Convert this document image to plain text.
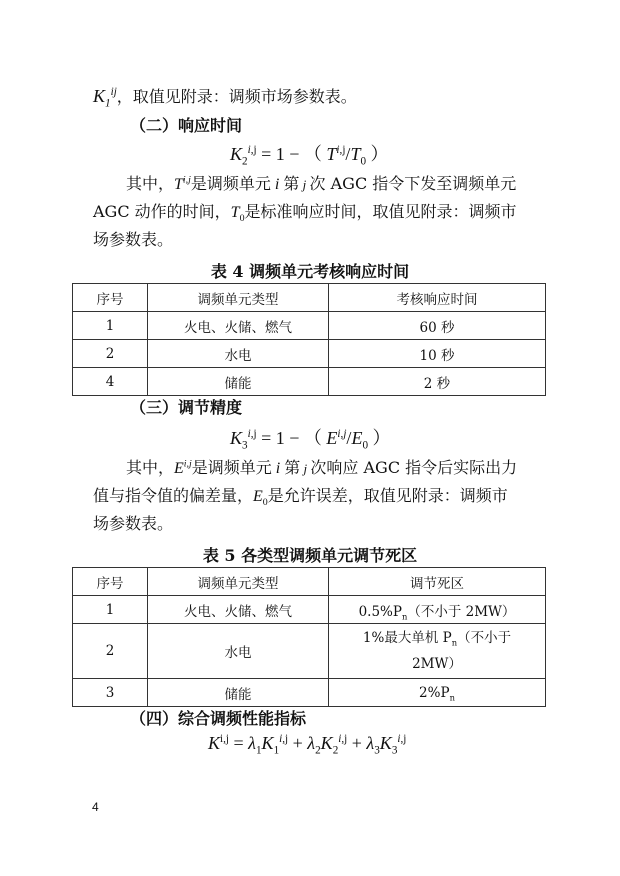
$K_1^{ij}$，取值见附录：调频市场参数表。
（二）响应时间
$K_2^{i,j} = 1$ − （ $T^{i,j}/T_0$ ）
其中，T$^{i,j}$是调频单元 i 第 j 次 AGC 指令下发至调频单元
AGC 动作的时间，$T_0$是标准响应时间，取值见附录：调频市
场参数表。
表 4 调频单元考核响应时间
序号	调频单元类型	考核响应时间
1	火电、火储、燃气	60 秒
2	水电	10 秒
4	储能	2 秒
（三）调节精度
$K_3^{i,j} = 1$ − （ $E^{i,j}/E_0$ ）
其中，E$^{i,j}$是调频单元 i 第 j 次响应 AGC 指令后实际出力
值与指令值的偏差量，$E_0$是允许误差，取值见附录：调频市
场参数表。
表 5 各类型调频单元调节死区
序号	调频单元类型	调节死区
1	火电、火储、燃气	$0.5\%P_n$（不小于 2MW）
2	水电	1%最大单机 $P_n$（不小于
2MW）
3	储能	$2\%P_n$
（四）综合调频性能指标
$K^{i,j} = \lambda_1K_1^{i,j} + \lambda_2K_2^{i,j} + \lambda_3K_3^{i,j}$
4
